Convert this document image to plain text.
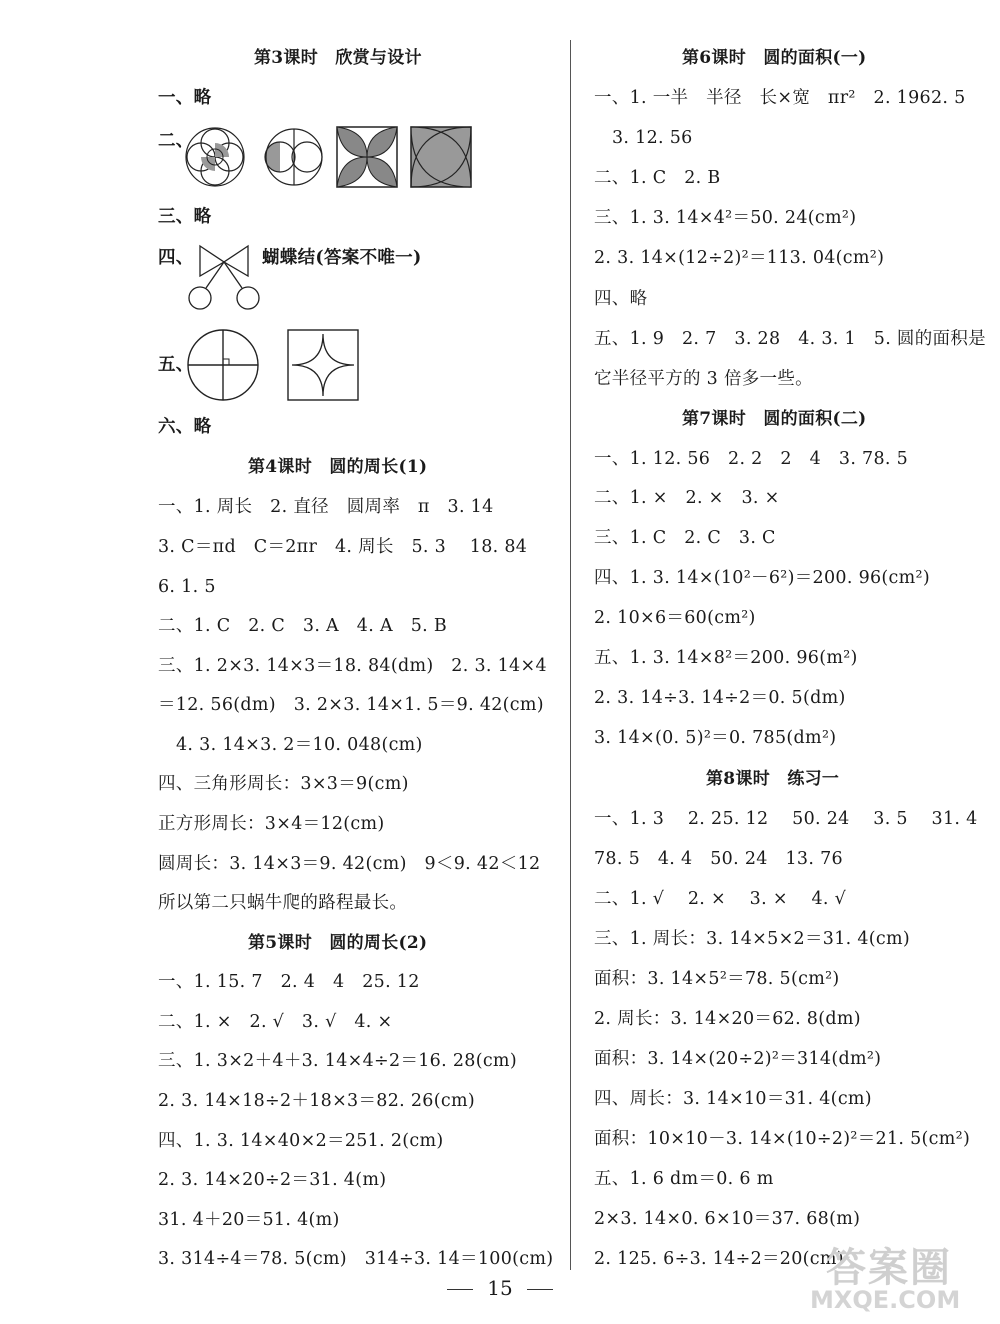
第3课时　欣赏与设计
一、略
二、
三、略
四、	蝴蝶结(答案不唯一)
五、
六、略
第4课时　圆的周长(1)
一、1. 周长　2. 直径　圆周率　π　3. 14
3. C＝πd　C＝2πr　4. 周长　5. 3　 18. 84
6. 1. 5
二、1. C　2. C　3. A　4. A　5. B
三、1. 2×3. 14×3＝18. 84(dm)　2. 3. 14×4
＝12. 56(dm)　3. 2×3. 14×1. 5＝9. 42(cm)
4. 3. 14×3. 2＝10. 048(cm)
四、三角形周长：3×3＝9(cm)
正方形周长：3×4＝12(cm)
圆周长：3. 14×3＝9. 42(cm)　9＜9. 42＜12
所以第二只蜗牛爬的路程最长。
第5课时　圆的周长(2)
一、1. 15. 7　2. 4　4　25. 12
二、1. ×　2. √　3. √　4. ×
三、1. 3×2＋4＋3. 14×4÷2＝16. 28(cm)
2. 3. 14×18÷2＋18×3＝82. 26(cm)
四、1. 3. 14×40×2＝251. 2(cm)
2. 3. 14×20÷2＝31. 4(m)
31. 4＋20＝51. 4(m)
3. 314÷4＝78. 5(cm)　314÷3. 14＝100(cm)
第6课时　圆的面积(一)
一、1. 一半　半径　长×宽　πr²　2. 1962. 5
3. 12. 56
二、1. C　2. B
三、1. 3. 14×4²＝50. 24(cm²)
2. 3. 14×(12÷2)²＝113. 04(cm²)
四、略
五、1. 9　2. 7　3. 28　4. 3. 1　5. 圆的面积是
它半径平方的 3 倍多一些。
第7课时　圆的面积(二)
一、1. 12. 56　2. 2　2　4　3. 78. 5
二、1. ×　2. ×　3. ×
三、1. C　2. C　3. C
四、1. 3. 14×(10²－6²)＝200. 96(cm²)
2. 10×6＝60(cm²)
五、1. 3. 14×8²＝200. 96(m²)
2. 3. 14÷3. 14÷2＝0. 5(dm)
3. 14×(0. 5)²＝0. 785(dm²)
第8课时　练习一
一、1. 3　 2. 25. 12　 50. 24　 3. 5　 31. 4
78. 5　4. 4　50. 24　13. 76
二、1. √　 2. ×　 3. ×　 4. √
三、1. 周长：3. 14×5×2＝31. 4(cm)
面积：3. 14×5²＝78. 5(cm²)
2. 周长：3. 14×20＝62. 8(dm)
面积：3. 14×(20÷2)²＝314(dm²)
四、周长：3. 14×10＝31. 4(cm)
面积：10×10－3. 14×(10÷2)²＝21. 5(cm²)
五、1. 6 dm＝0. 6 m
2×3. 14×0. 6×10＝37. 68(m)
2. 125. 6÷3. 14÷2＝20(cm)
15	答案圈
MXQE.COM
